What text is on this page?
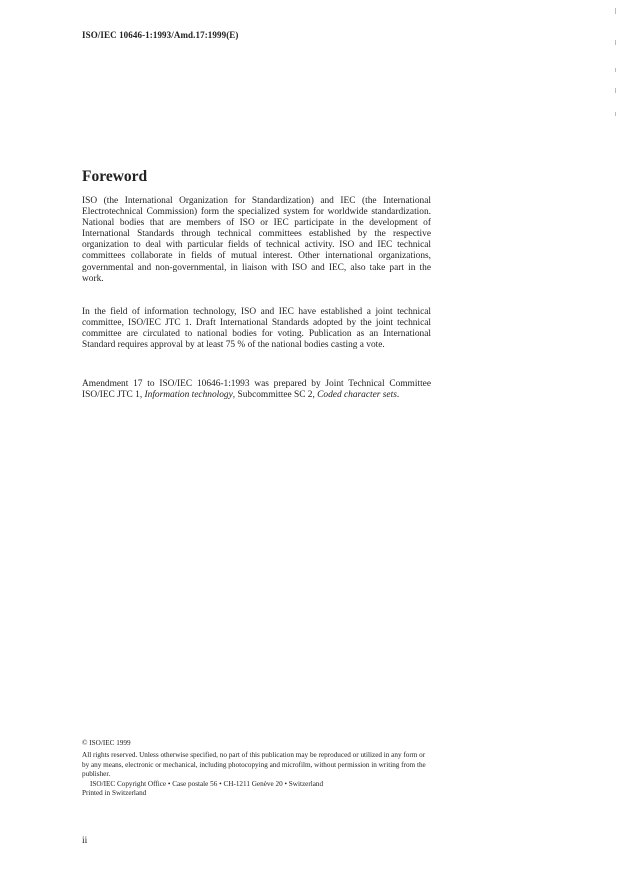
ISO/IEC 10646-1:1993/Amd.17:1999(E)
Foreword

ISO (the International Organization for Standardization) and IEC (the International Electrotechnical Commission) form the specialized system for worldwide standardization. National bodies that are members of ISO or IEC participate in the development of International Standards through technical committees established by the respective organization to deal with particular fields of technical activity. ISO and IEC technical committees collaborate in fields of mutual interest. Other international organizations, governmental and non-governmental, in liaison with ISO and IEC, also take part in the work.

In the field of information technology, ISO and IEC have established a joint technical committee, ISO/IEC JTC 1. Draft International Standards adopted by the joint technical committee are circulated to national bodies for voting. Publication as an International Standard requires approval by at least 75 % of the national bodies casting a vote.

Amendment 17 to ISO/IEC 10646-1:1993 was prepared by Joint Technical Committee ISO/IEC JTC 1, Information technology, Subcommittee SC 2, Coded character sets.

© ISO/IEC 1999
All rights reserved. Unless otherwise specified, no part of this publication may be reproduced or utilized in any form or by any means, electronic or mechanical, including photocopying and microfilm, without permission in writing from the publisher.
ISO/IEC Copyright Office • Case postale 56 • CH-1211 Genève 20 • Switzerland
Printed in Switzerland
ii
